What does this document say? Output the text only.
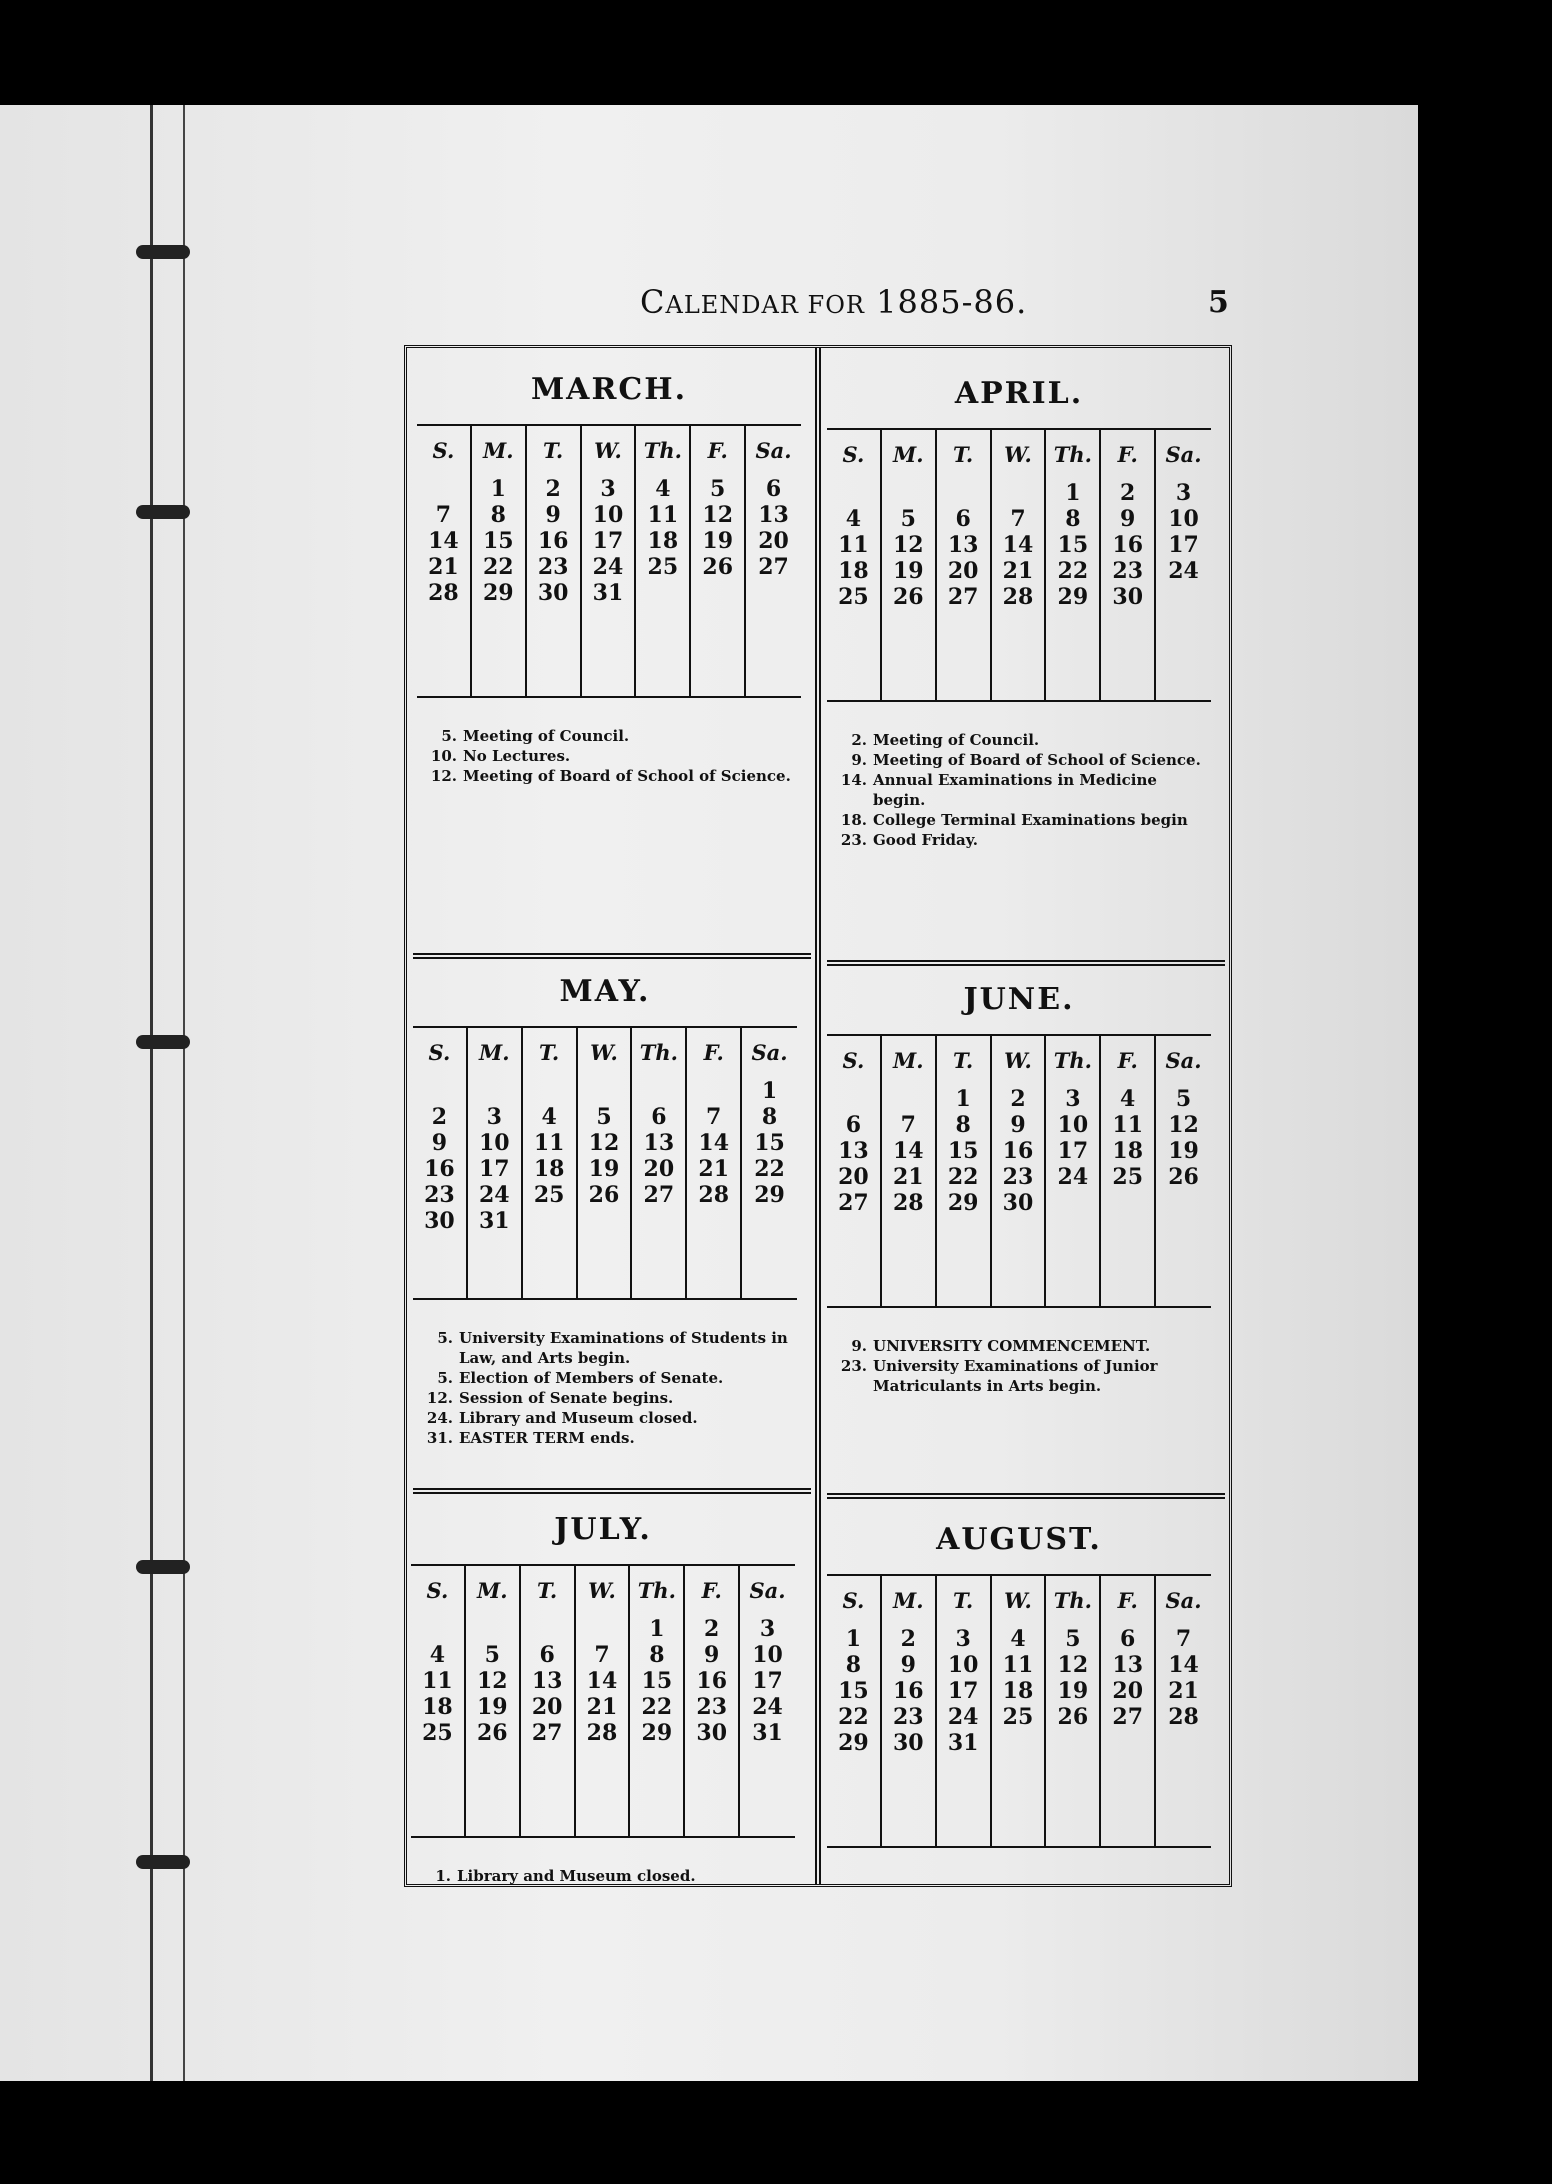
CALENDAR FOR 1885-86.	5
MARCH.
S.
7
14
21
28
M.
1
8
15
22
29
T.
2
9
16
23
30
W.
3
10
17
24
31
Th.
4
11
18
25
F.
5
12
19
26
Sa.
6
13
20
27
5. Meeting of Council.
10. No Lectures.
12. Meeting of Board of School of Science.
APRIL.
S.
4
11
18
25
M.
5
12
19
26
T.
6
13
20
27
W.
7
14
21
28
Th.
1
8
15
22
29
F.
2
9
16
23
30
Sa.
3
10
17
24
2. Meeting of Council.
9. Meeting of Board of School of Science.
14. Annual Examinations in Medicine begin.
18. College Terminal Examinations begin
23. Good Friday.
MAY.
S.
2
9
16
23
30
M.
3
10
17
24
31
T.
4
11
18
25
W.
5
12
19
26
Th.
6
13
20
27
F.
7
14
21
28
Sa.
1
8
15
22
29
5. University Examinations of Students in Law, and Arts begin.
5. Election of Members of Senate.
12. Session of Senate begins.
24. Library and Museum closed.
31. EASTER TERM ends.
JUNE.
S.
6
13
20
27
M.
7
14
21
28
T.
1
8
15
22
29
W.
2
9
16
23
30
Th.
3
10
17
24
F.
4
11
18
25
Sa.
5
12
19
26
9. UNIVERSITY COMMENCEMENT.
23. University Examinations of Junior Matriculants in Arts begin.
JULY.
S.
4
11
18
25
M.
5
12
19
26
T.
6
13
20
27
W.
7
14
21
28
Th.
1
8
15
22
29
F.
2
9
16
23
30
Sa.
3
10
17
24
31
1. Library and Museum closed.
AUGUST.
S.
1
8
15
22
29
M.
2
9
16
23
30
T.
3
10
17
24
31
W.
4
11
18
25
Th.
5
12
19
26
F.
6
13
20
27
Sa.
7
14
21
28
